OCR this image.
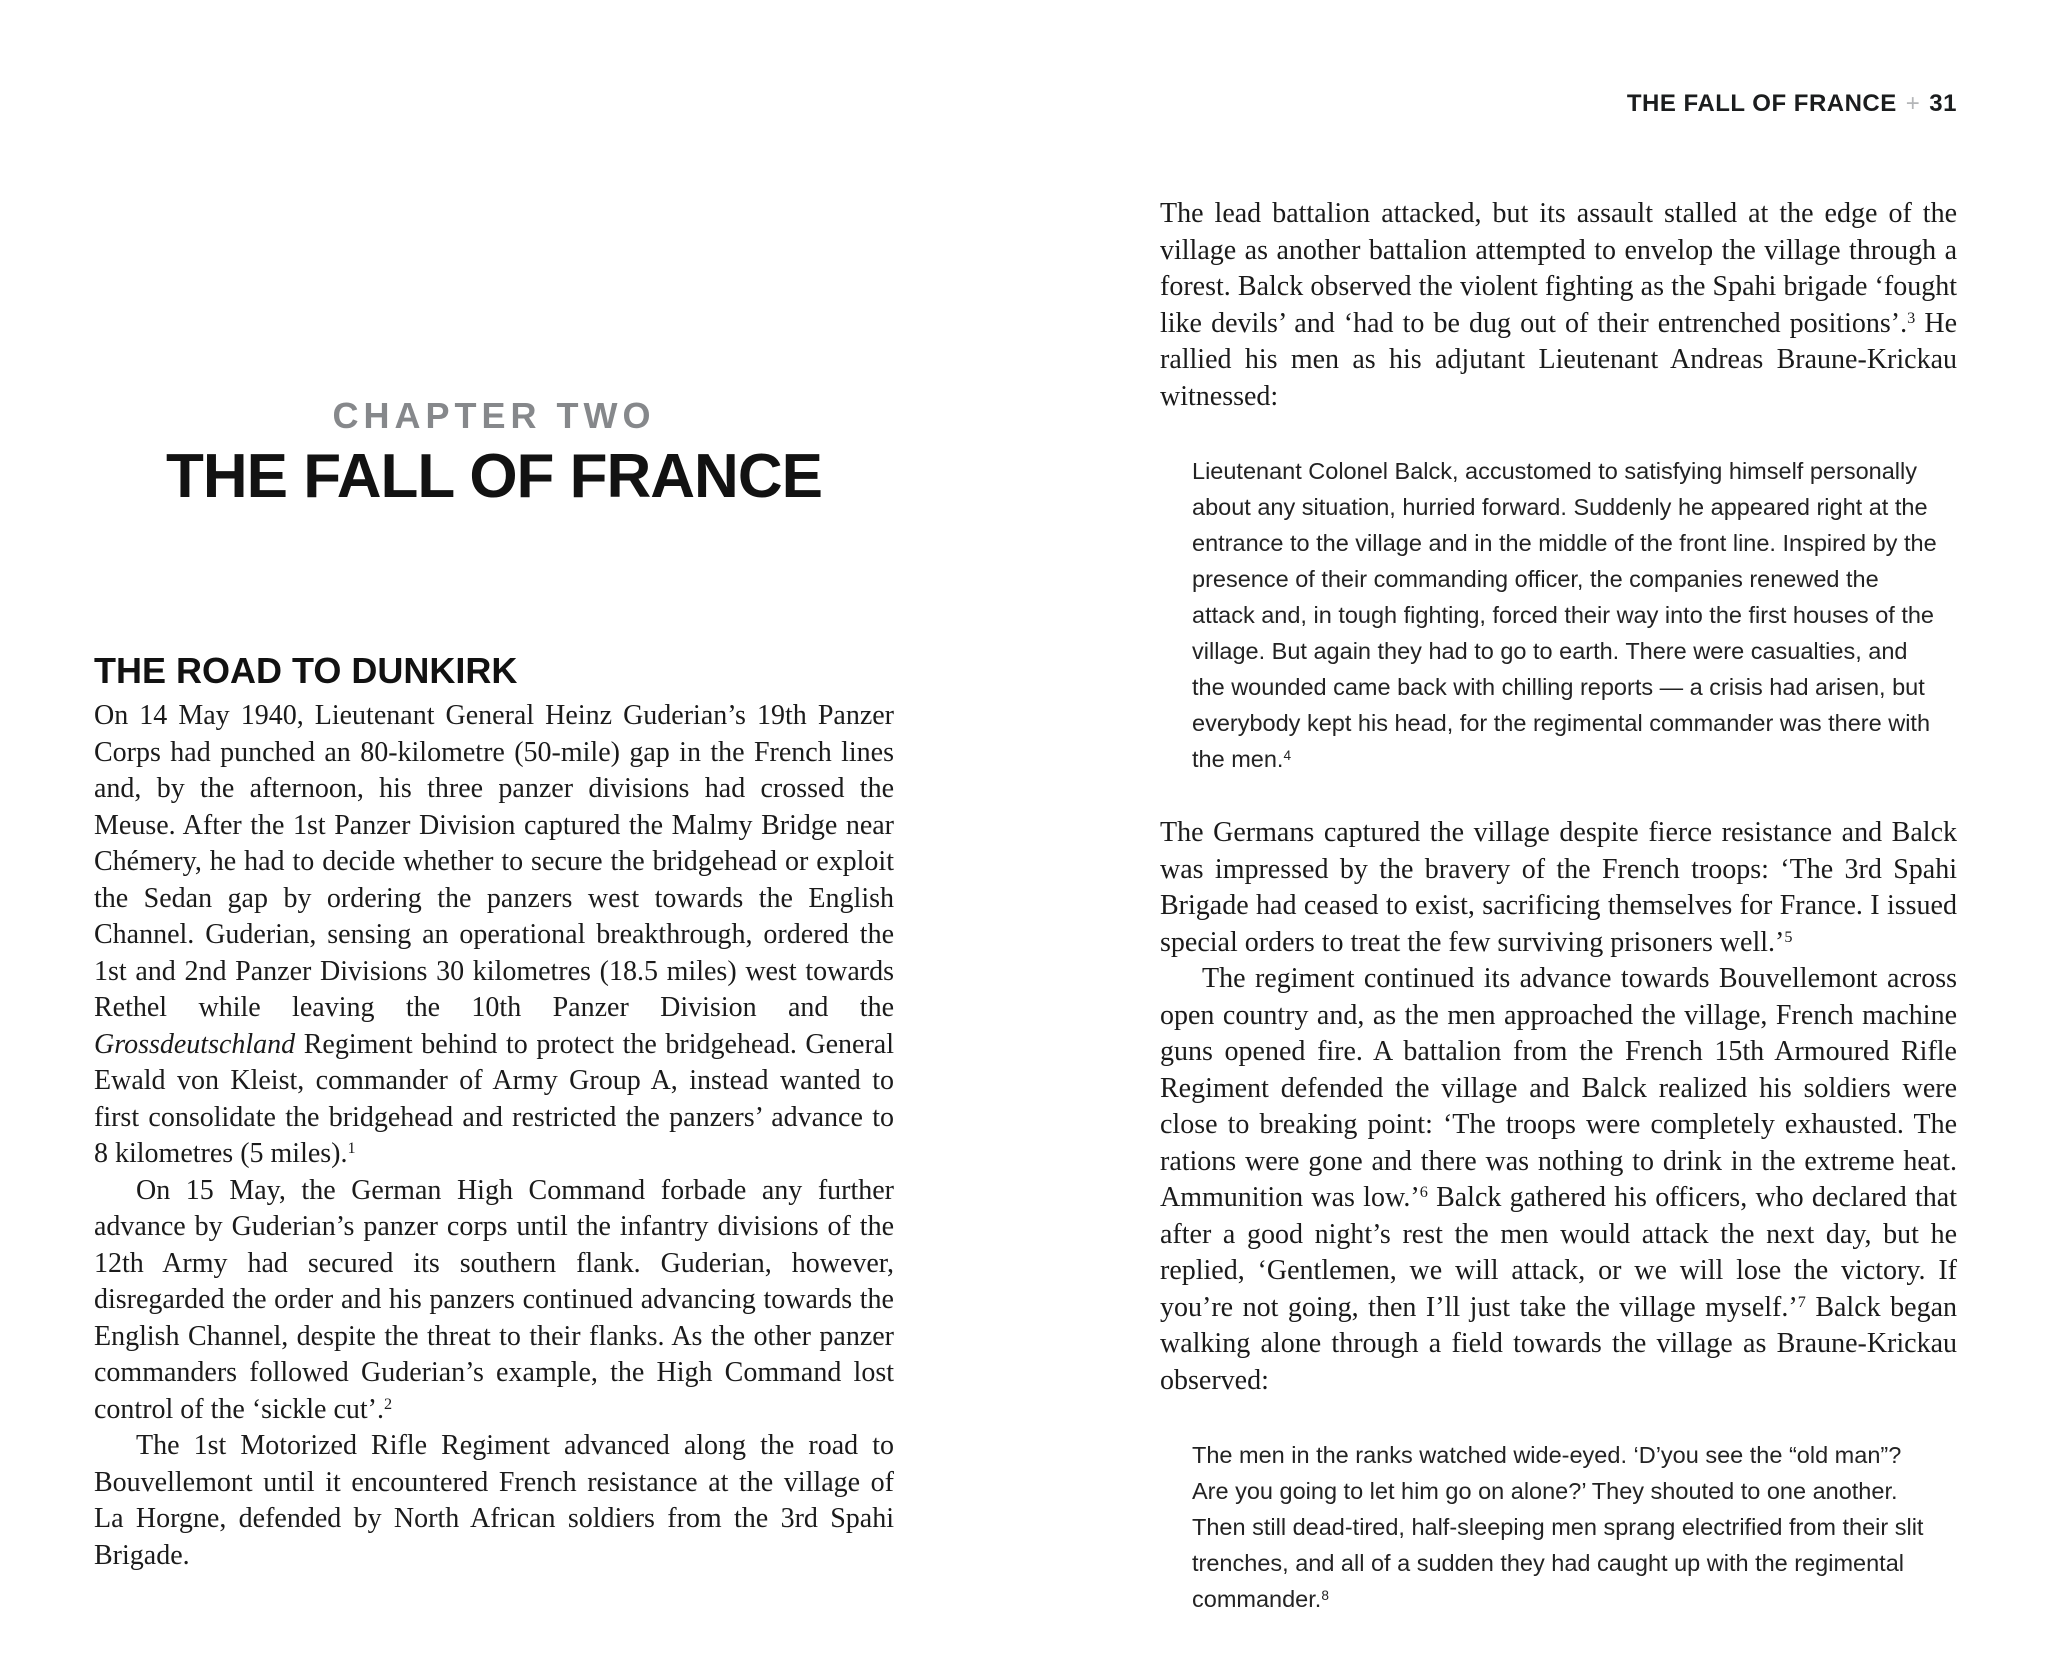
CHAPTER TWO
THE FALL OF FRANCE
THE ROAD TO DUNKIRK

On 14 May 1940, Lieutenant General Heinz Guderian’s 19th Panzer Corps had punched an 80-kilometre (50-mile) gap in the French lines and, by the afternoon, his three panzer divisions had crossed the Meuse. After the 1st Panzer Division captured the Malmy Bridge near Chémery, he had to decide whether to secure the bridgehead or exploit the Sedan gap by ordering the panzers west towards the English Channel. Guderian, sensing an operational breakthrough, ordered the 1st and 2nd Panzer Divisions 30 kilometres (18.5 miles) west towards Rethel while leaving the 10th Panzer Division and the Grossdeutschland Regiment behind to protect the bridgehead. General Ewald von Kleist, commander of Army Group A, instead wanted to first consolidate the bridgehead and restricted the panzers’ advance to 8 kilometres (5 miles).$^1$

On 15 May, the German High Command forbade any further advance by Guderian’s panzer corps until the infantry divisions of the 12th Army had secured its southern flank. Guderian, however, disregarded the order and his panzers continued advancing towards the English Channel, despite the threat to their flanks. As the other panzer commanders followed Guderian’s example, the High Command lost control of the ‘sickle cut’.$^2$

The 1st Motorized Rifle Regiment advanced along the road to Bouvellemont until it encountered French resistance at the village of La Horgne, defended by North African soldiers from the 3rd Spahi Brigade.

THE FALL OF FRANCE + 31

The lead battalion attacked, but its assault stalled at the edge of the village as another battalion attempted to envelop the village through a forest. Balck observed the violent fighting as the Spahi brigade ‘fought like devils’ and ‘had to be dug out of their entrenched positions’.$^3$ He rallied his men as his adjutant Lieutenant Andreas Braune-Krickau witnessed:

Lieutenant Colonel Balck, accustomed to satisfying himself personally about any situation, hurried forward. Suddenly he appeared right at the entrance to the village and in the middle of the front line. Inspired by the presence of their commanding officer, the companies renewed the attack and, in tough fighting, forced their way into the first houses of the village. But again they had to go to earth. There were casualties, and the wounded came back with chilling reports — a crisis had arisen, but everybody kept his head, for the regimental commander was there with the men.$^4$

The Germans captured the village despite fierce resistance and Balck was impressed by the bravery of the French troops: ‘The 3rd Spahi Brigade had ceased to exist, sacrificing themselves for France. I issued special orders to treat the few surviving prisoners well.’$^5$

The regiment continued its advance towards Bouvellemont across open country and, as the men approached the village, French machine guns opened fire. A battalion from the French 15th Armoured Rifle Regiment defended the village and Balck realized his soldiers were close to breaking point: ‘The troops were completely exhausted. The rations were gone and there was nothing to drink in the extreme heat. Ammunition was low.’$^6$ Balck gathered his officers, who declared that after a good night’s rest the men would attack the next day, but he replied, ‘Gentlemen, we will attack, or we will lose the victory. If you’re not going, then I’ll just take the village myself.’$^7$ Balck began walking alone through a field towards the village as Braune-Krickau observed:

The men in the ranks watched wide-eyed. ‘D’you see the “old man”? Are you going to let him go on alone?’ They shouted to one another. Then still dead-tired, half-sleeping men sprang electrified from their slit trenches, and all of a sudden they had caught up with the regimental commander.$^8$
